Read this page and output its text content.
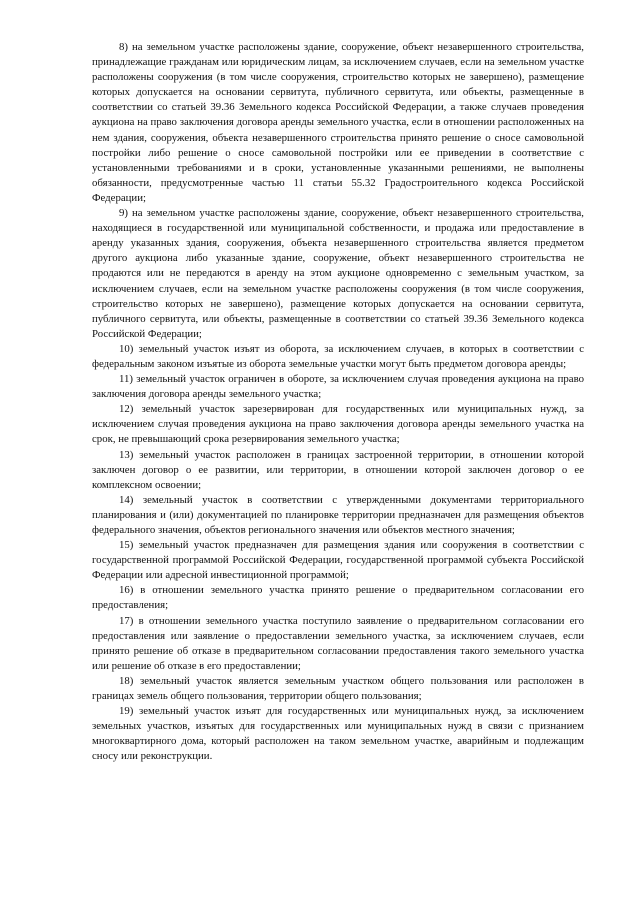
8) на земельном участке расположены здание, сооружение, объект незавершенного строительства, принадлежащие гражданам или юридическим лицам, за исключением случаев, если на земельном участке расположены сооружения (в том числе сооружения, строительство которых не завершено), размещение которых допускается на основании сервитута, публичного сервитута, или объекты, размещенные в соответствии со статьей 39.36 Земельного кодекса Российской Федерации, а также случаев проведения аукциона на право заключения договора аренды земельного участка, если в отношении расположенных на нем здания, сооружения, объекта незавершенного строительства принято решение о сносе самовольной постройки либо решение о сносе самовольной постройки или ее приведении в соответствие с установленными требованиями и в сроки, установленные указанными решениями, не выполнены обязанности, предусмотренные частью 11 статьи 55.32 Градостроительного кодекса Российской Федерации;

9) на земельном участке расположены здание, сооружение, объект незавершенного строительства, находящиеся в государственной или муниципальной собственности, и продажа или предоставление в аренду указанных здания, сооружения, объекта незавершенного строительства является предметом другого аукциона либо указанные здание, сооружение, объект незавершенного строительства не продаются или не передаются в аренду на этом аукционе одновременно с земельным участком, за исключением случаев, если на земельном участке расположены сооружения (в том числе сооружения, строительство которых не завершено), размещение которых допускается на основании сервитута, публичного сервитута, или объекты, размещенные в соответствии со статьей 39.36 Земельного кодекса Российской Федерации;

10) земельный участок изъят из оборота, за исключением случаев, в которых в соответствии с федеральным законом изъятые из оборота земельные участки могут быть предметом договора аренды;

11) земельный участок ограничен в обороте, за исключением случая проведения аукциона на право заключения договора аренды земельного участка;

12) земельный участок зарезервирован для государственных или муниципальных нужд, за исключением случая проведения аукциона на право заключения договора аренды земельного участка на срок, не превышающий срока резервирования земельного участка;

13) земельный участок расположен в границах застроенной территории, в отношении которой заключен договор о ее развитии, или территории, в отношении которой заключен договор о ее комплексном освоении;

14) земельный участок в соответствии с утвержденными документами территориального планирования и (или) документацией по планировке территории предназначен для размещения объектов федерального значения, объектов регионального значения или объектов местного значения;

15) земельный участок предназначен для размещения здания или сооружения в соответствии с государственной программой Российской Федерации, государственной программой субъекта Российской Федерации или адресной инвестиционной программой;

16) в отношении земельного участка принято решение о предварительном согласовании его предоставления;

17) в отношении земельного участка поступило заявление о предварительном согласовании его предоставления или заявление о предоставлении земельного участка, за исключением случаев, если принято решение об отказе в предварительном согласовании предоставления такого земельного участка или решение об отказе в его предоставлении;

18) земельный участок является земельным участком общего пользования или расположен в границах земель общего пользования, территории общего пользования;

19) земельный участок изъят для государственных или муниципальных нужд, за исключением земельных участков, изъятых для государственных или муниципальных нужд в связи с признанием многоквартирного дома, который расположен на таком земельном участке, аварийным и подлежащим сносу или реконструкции.
